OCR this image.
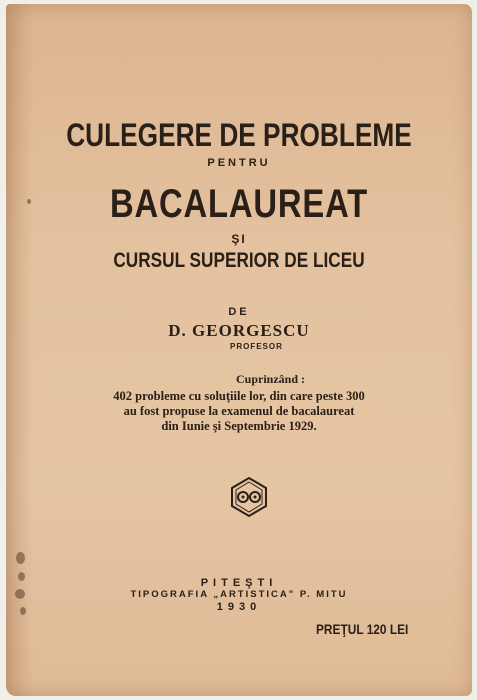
CULEGERE DE PROBLEME
PENTRU
BACALAUREAT
ŞI
CURSUL SUPERIOR DE LICEU
DE
D. GEORGESCU
PROFESOR
Cuprinzând :
402 probleme cu soluţiile lor, din care peste 300
au fost propuse la examenul de bacalaureat
din Iunie şi Septembrie 1929.
PITEŞTI
TIPOGRAFIA „ARTISTICA" P. MITU
1930
PREŢUL 120 LEI
